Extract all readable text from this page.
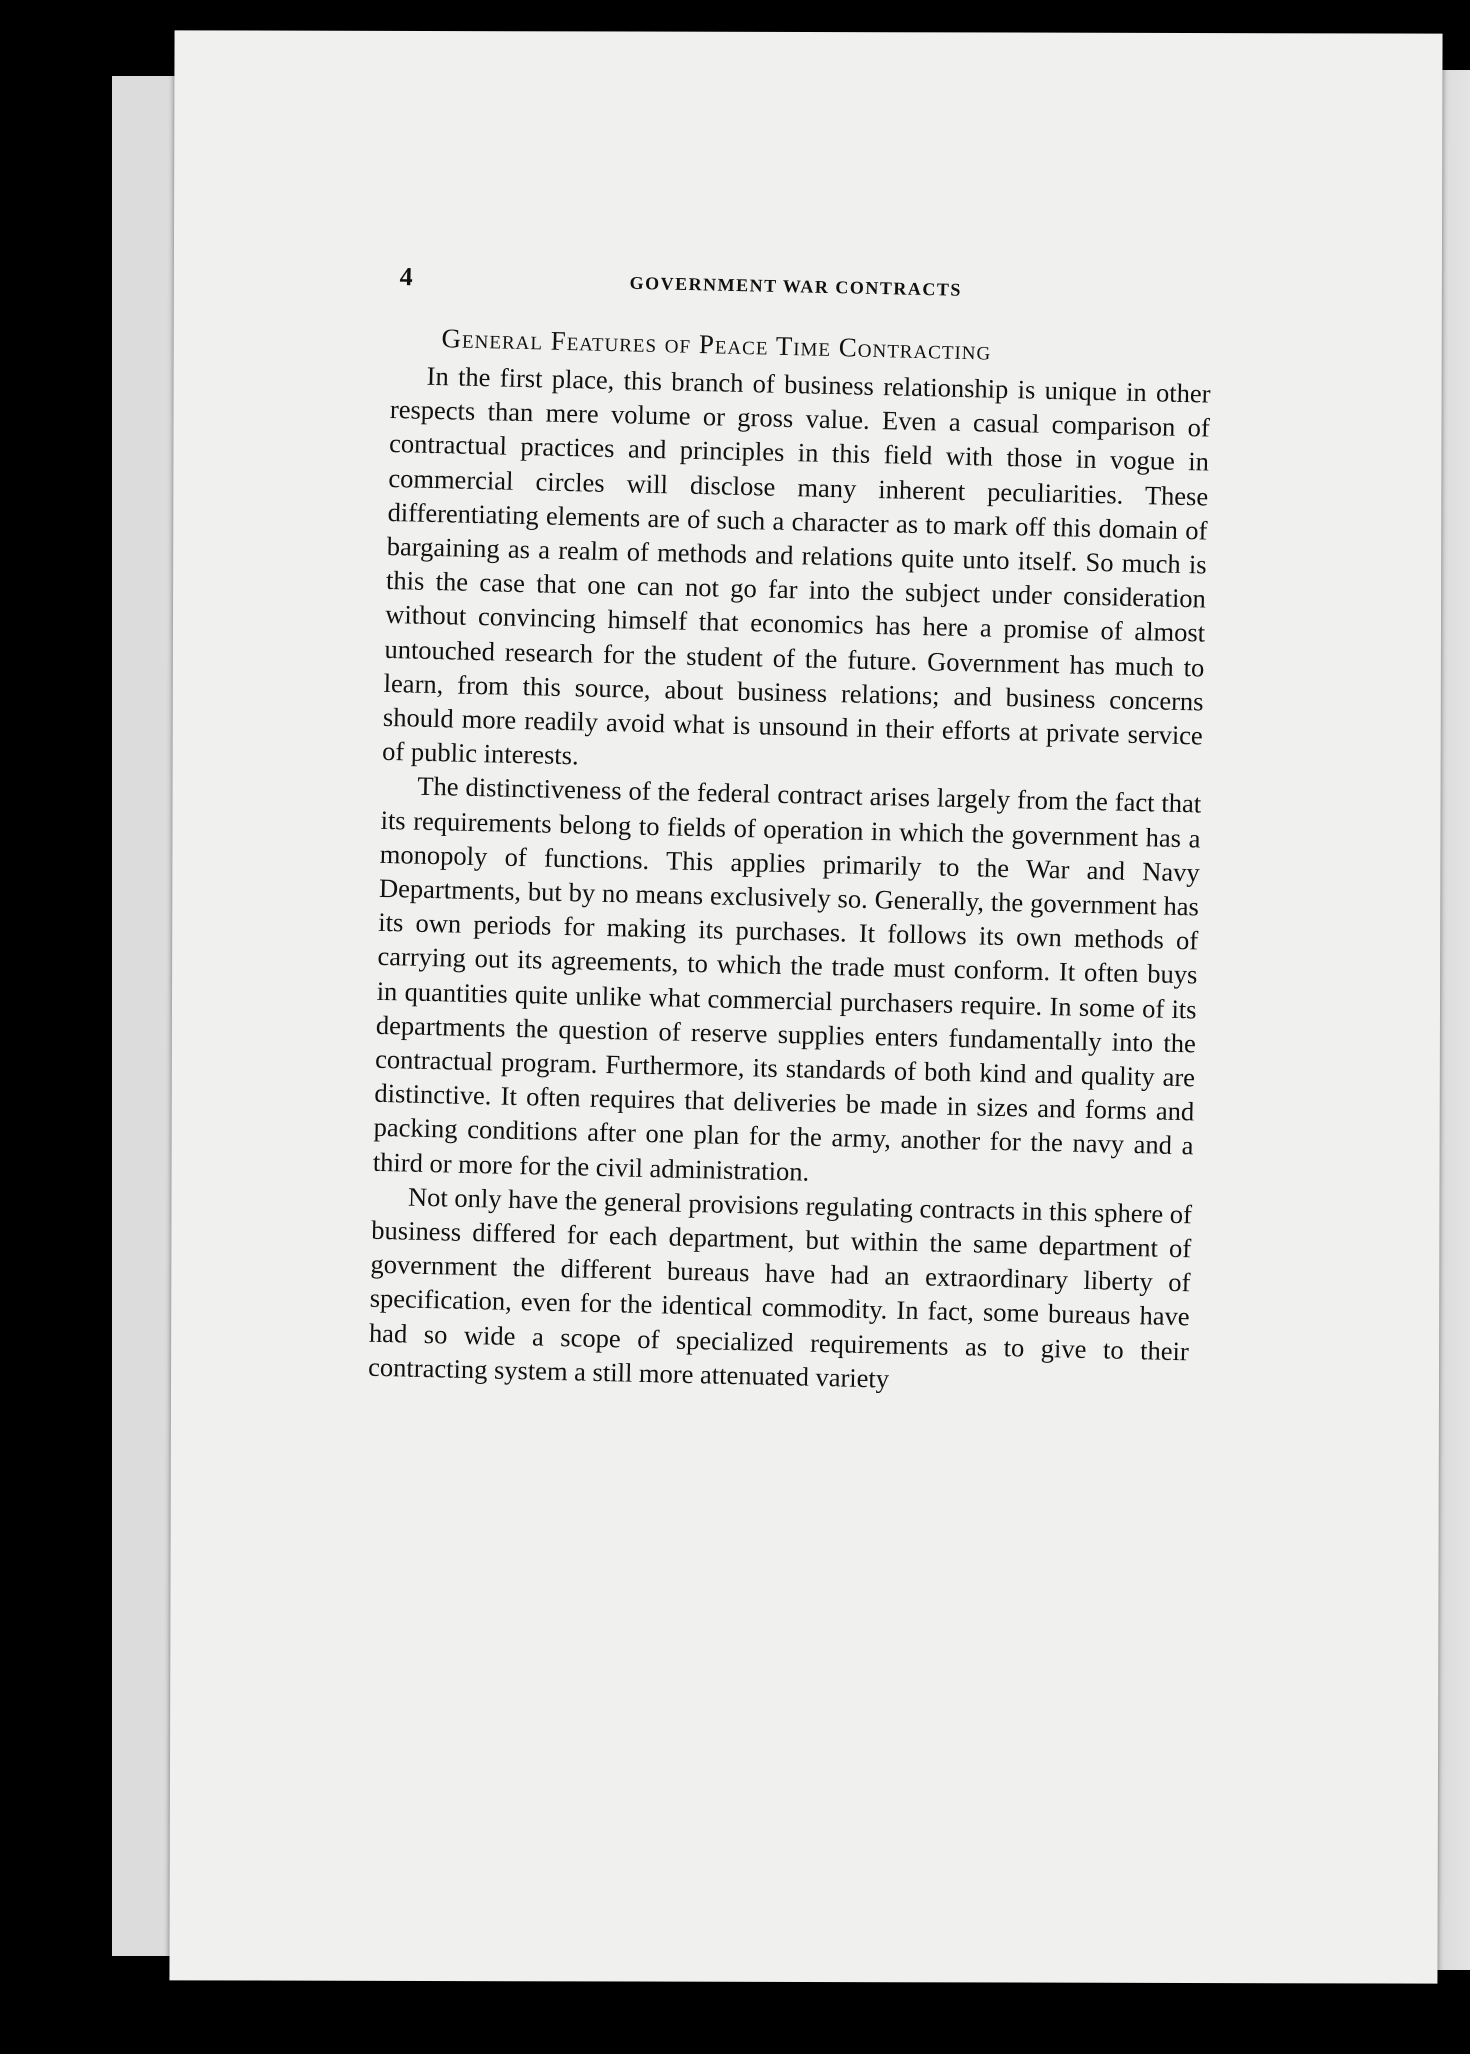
4	GOVERNMENT WAR CONTRACTS
General Features of Peace Time Contracting

In the first place, this branch of business relationship is unique in other respects than mere volume or gross value. Even a casual comparison of contractual practices and principles in this field with those in vogue in commercial circles will disclose many inherent peculiarities. These differentiating elements are of such a character as to mark off this domain of bargaining as a realm of methods and relations quite unto itself. So much is this the case that one can not go far into the subject under consideration without convincing himself that economics has here a promise of almost untouched research for the student of the future. Government has much to learn, from this source, about business relations; and business concerns should more readily avoid what is unsound in their efforts at private service of public interests.

The distinctiveness of the federal contract arises largely from the fact that its requirements belong to fields of operation in which the government has a monopoly of functions. This applies primarily to the War and Navy Departments, but by no means exclusively so. Generally, the government has its own periods for making its purchases. It follows its own methods of carrying out its agreements, to which the trade must conform. It often buys in quantities quite unlike what commercial purchasers require. In some of its departments the question of reserve supplies enters fundamentally into the contractual program. Furthermore, its standards of both kind and quality are distinctive. It often requires that deliveries be made in sizes and forms and packing conditions after one plan for the army, another for the navy and a third or more for the civil administration.

Not only have the general provisions regulating contracts in this sphere of business differed for each department, but within the same department of government the different bureaus have had an extraordinary liberty of specification, even for the identical commodity. In fact, some bureaus have had so wide a scope of specialized requirements as to give to their contracting system a still more attenuated variety
